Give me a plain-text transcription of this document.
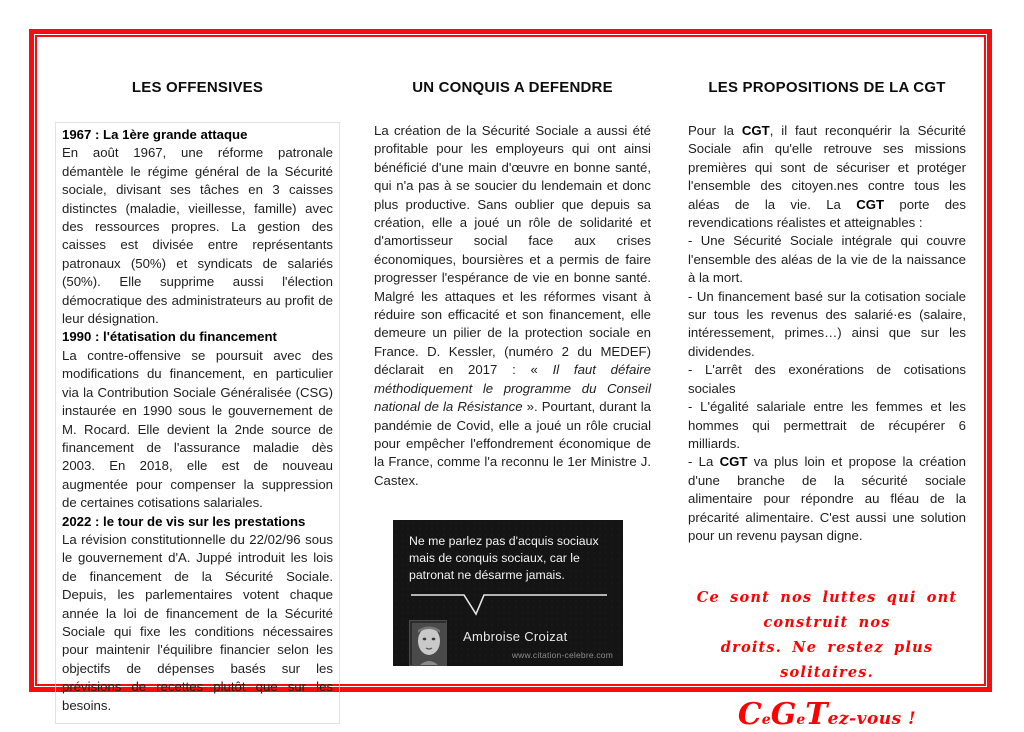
LES OFFENSIVES

1967 : La 1ère grande attaque

En août 1967, une réforme patronale démantèle le régime général de la Sécurité sociale, divisant ses tâches en 3 caisses distinctes (maladie, vieillesse, famille) avec des ressources propres. La gestion des caisses est divisée entre représentants patronaux (50%) et syndicats de salariés (50%). Elle supprime aussi l'élection démocratique des administrateurs au profit de leur désignation.

1990 : l'étatisation du financement

La contre-offensive se poursuit avec des modifications du financement, en particulier via la Contribution Sociale Généralisée (CSG) instaurée en 1990 sous le gouvernement de M. Rocard. Elle devient la 2nde source de financement de l'assurance maladie dès 2003. En 2018, elle est de nouveau augmentée pour compenser la suppression de certaines cotisations salariales.

2022 : le tour de vis sur les prestations

La révision constitutionnelle du 22/02/96 sous le gouvernement d'A. Juppé introduit les lois de financement de la Sécurité Sociale. Depuis, les parlementaires votent chaque année la loi de financement de la Sécurité Sociale qui fixe les conditions nécessaires pour maintenir l'équilibre financier selon les objectifs de dépenses basés sur les prévisions de recettes plutôt que sur les besoins.

UN CONQUIS A DEFENDRE

La création de la Sécurité Sociale a aussi été profitable pour les employeurs qui ont ainsi bénéficié d'une main d'œuvre en bonne santé, qui n'a pas à se soucier du lendemain et donc plus productive. Sans oublier que depuis sa création, elle a joué un rôle de solidarité et d'amortisseur social face aux crises économiques, boursières et a permis de faire progresser l'espérance de vie en bonne santé. Malgré les attaques et les réformes visant à réduire son efficacité et son financement, elle demeure un pilier de la protection sociale en France. D. Kessler, (numéro 2 du MEDEF) déclarait en 2017 : « Il faut défaire méthodiquement le programme du Conseil national de la Résistance ». Pourtant, durant la pandémie de Covid, elle a joué un rôle crucial pour empêcher l'effondrement économique de la France, comme l'a reconnu le 1er Ministre J. Castex.

Ne me parlez pas d'acquis sociaux mais de conquis sociaux, car le patronat ne désarme jamais.

Ambroise Croizat
www.citation-celebre.com
LES PROPOSITIONS DE LA CGT

Pour la CGT, il faut reconquérir la Sécurité Sociale afin qu'elle retrouve ses missions premières qui sont de sécuriser et protéger l'ensemble des citoyen.nes contre tous les aléas de la vie. La CGT porte des revendications réalistes et atteignables :

- Une Sécurité Sociale intégrale qui couvre l'ensemble des aléas de la vie de la naissance à la mort.

- Un financement basé sur la cotisation sociale sur tous les revenus des salarié·es (salaire, intéressement, primes…) ainsi que sur les dividendes.

- L'arrêt des exonérations de cotisations sociales

- L'égalité salariale entre les femmes et les hommes qui permettrait de récupérer 6 milliards.

- La CGT va plus loin et propose la création d'une branche de la sécurité sociale alimentaire pour répondre au fléau de la précarité alimentaire. C'est aussi une solution pour un revenu paysan digne.

Ce sont nos luttes qui ont construit nos
droits. Ne restez plus solitaires.
CeGeTez-vous !
